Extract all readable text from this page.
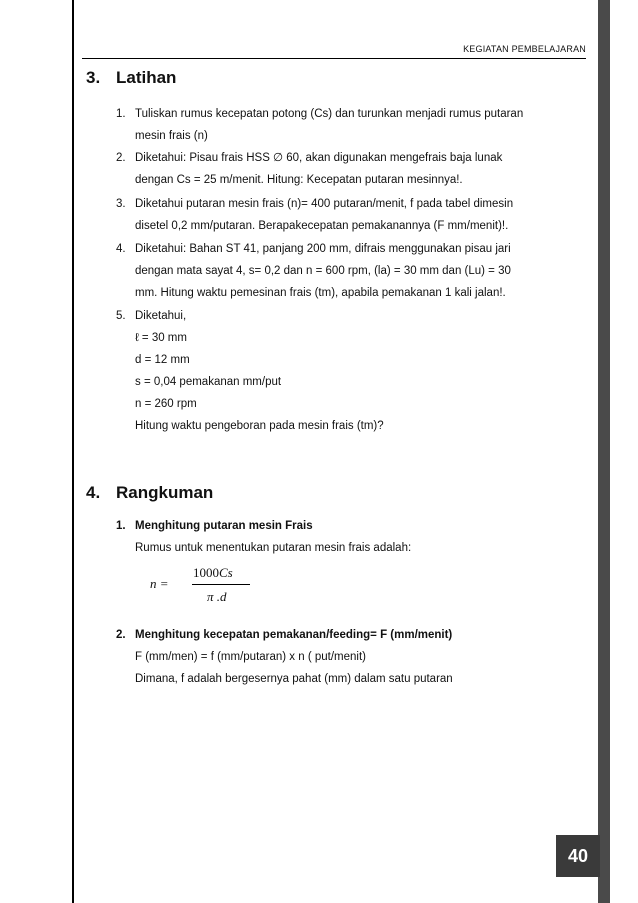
KEGIATAN PEMBELAJARAN
3. Latihan
1. Tuliskan rumus kecepatan potong (Cs) dan turunkan menjadi rumus putaran
mesin frais (n)
2. Diketahui: Pisau frais HSS ∅ 60, akan digunakan mengefrais baja lunak
dengan Cs = 25 m/menit. Hitung: Kecepatan putaran mesinnya!.
3. Diketahui putaran mesin frais (n)= 400 putaran/menit, f pada tabel dimesin
disetel 0,2 mm/putaran. Berapakecepatan pemakanannya (F mm/menit)!.
4. Diketahui: Bahan ST 41, panjang 200 mm, difrais menggunakan pisau jari
dengan mata sayat 4, s= 0,2 dan n = 600 rpm, (la) = 30 mm dan (Lu) = 30
mm. Hitung waktu pemesinan frais (tm), apabila pemakanan 1 kali jalan!.
5. Diketahui,
ℓ = 30 mm
d = 12 mm
s = 0,04 pemakanan mm/put
n = 260 rpm
Hitung waktu pengeboran pada mesin frais (tm)?
4. Rangkuman
1. Menghitung putaran mesin Frais
Rumus untuk menentukan putaran mesin frais adalah:
n =
1000Cs
π .d
2. Menghitung kecepatan pemakanan/feeding= F (mm/menit)
F (mm/men) = f (mm/putaran) x n ( put/menit)
Dimana, f adalah bergesernya pahat (mm) dalam satu putaran
40
